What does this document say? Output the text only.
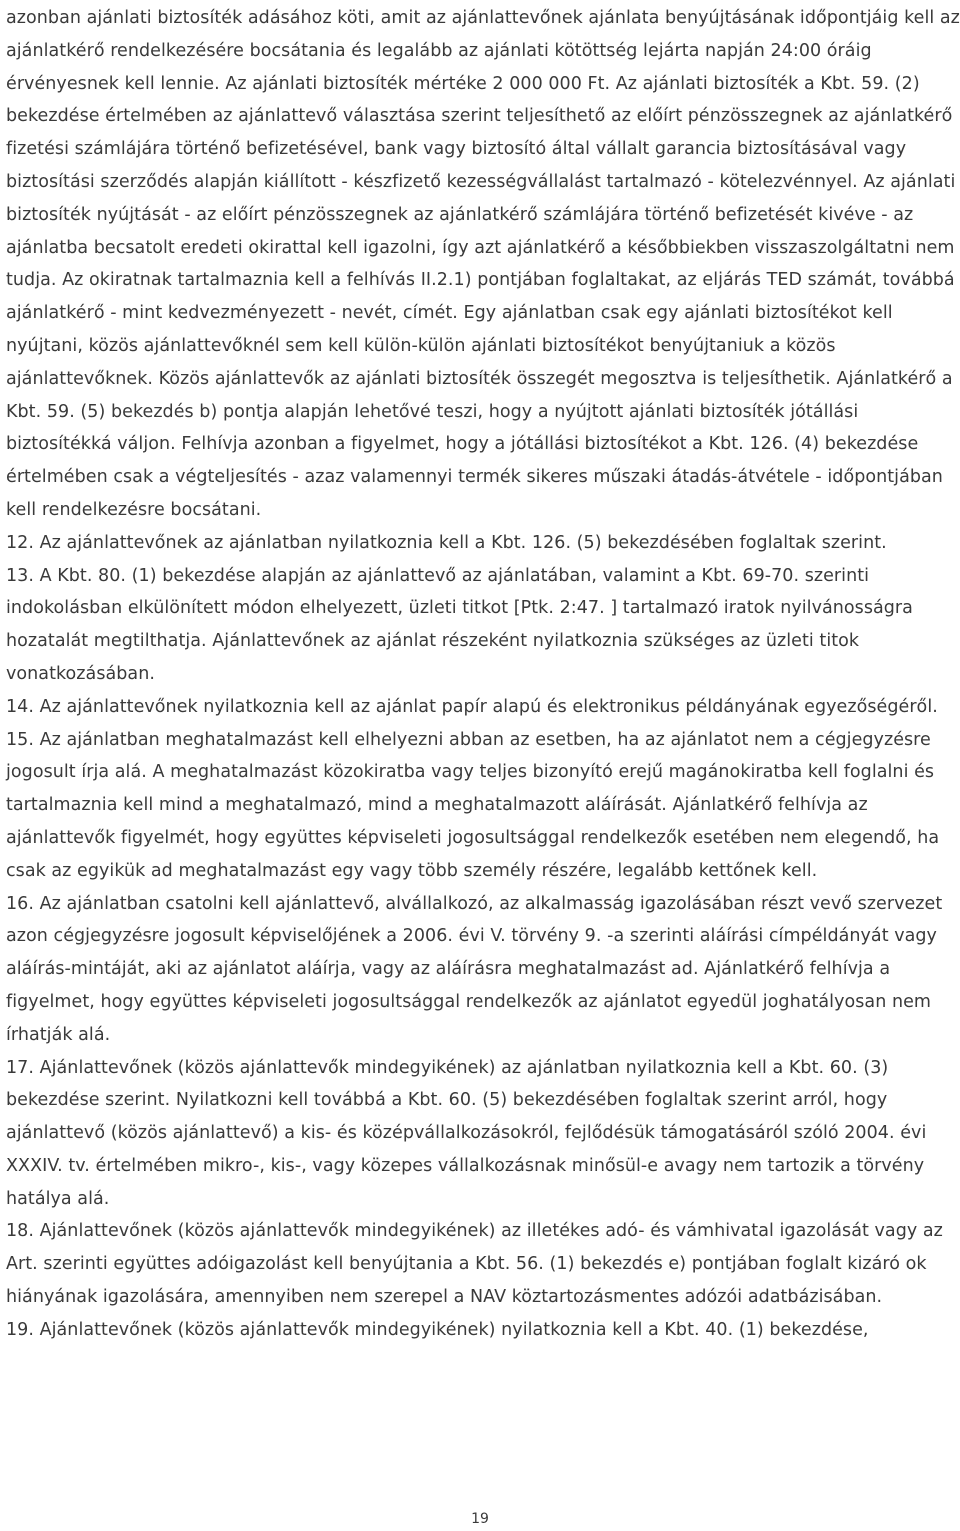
azonban ajánlati biztosíték adásához köti, amit az ajánlattevőnek ajánlata benyújtásának időpontjáig kell az ajánlatkérő rendelkezésére bocsátania és legalább az ajánlati kötöttség lejárta napján 24:00 óráig érvényesnek kell lennie. Az ajánlati biztosíték mértéke 2 000 000 Ft. Az ajánlati biztosíték a Kbt. 59. (2) bekezdése értelmében az ajánlattevő választása szerint teljesíthető az előírt pénzösszegnek az ajánlatkérő fizetési számlájára történő befizetésével, bank vagy biztosító által vállalt garancia biztosításával vagy biztosítási szerződés alapján kiállított - készfizető kezességvállalást tartalmazó - kötelezvénnyel. Az ajánlati biztosíték nyújtását - az előírt pénzösszegnek az ajánlatkérő számlájára történő befizetését kivéve - az ajánlatba becsatolt eredeti okirattal kell igazolni, így azt ajánlatkérő a későbbiekben visszaszolgáltatni nem tudja. Az okiratnak tartalmaznia kell a felhívás II.2.1) pontjában foglaltakat, az eljárás TED számát, továbbá ajánlatkérő - mint kedvezményezett - nevét, címét. Egy ajánlatban csak egy ajánlati biztosítékot kell nyújtani, közös ajánlattevőknél sem kell külön-külön ajánlati biztosítékot benyújtaniuk a közös ajánlattevőknek. Közös ajánlattevők az ajánlati biztosíték összegét megosztva is teljesíthetik. Ajánlatkérő a Kbt. 59. (5) bekezdés b) pontja alapján lehetővé teszi, hogy a nyújtott ajánlati biztosíték jótállási biztosítékká váljon. Felhívja azonban a figyelmet, hogy a jótállási biztosítékot a Kbt. 126. (4) bekezdése értelmében csak a végteljesítés - azaz valamennyi termék sikeres műszaki átadás-átvétele - időpontjában kell rendelkezésre bocsátani.

12. Az ajánlattevőnek az ajánlatban nyilatkoznia kell a Kbt. 126. (5) bekezdésében foglaltak szerint.

13. A Kbt. 80. (1) bekezdése alapján az ajánlattevő az ajánlatában, valamint a Kbt. 69-70. szerinti indokolásban elkülönített módon elhelyezett, üzleti titkot [Ptk. 2:47. ] tartalmazó iratok nyilvánosságra hozatalát megtilthatja. Ajánlattevőnek az ajánlat részeként nyilatkoznia szükséges az üzleti titok vonatkozásában.

14. Az ajánlattevőnek nyilatkoznia kell az ajánlat papír alapú és elektronikus példányának egyezőségéről.

15. Az ajánlatban meghatalmazást kell elhelyezni abban az esetben, ha az ajánlatot nem a cégjegyzésre jogosult írja alá. A meghatalmazást közokiratba vagy teljes bizonyító erejű magánokiratba kell foglalni és tartalmaznia kell mind a meghatalmazó, mind a meghatalmazott aláírását. Ajánlatkérő felhívja az ajánlattevők figyelmét, hogy együttes képviseleti jogosultsággal rendelkezők esetében nem elegendő, ha csak az egyikük ad meghatalmazást egy vagy több személy részére, legalább kettőnek kell.

16. Az ajánlatban csatolni kell ajánlattevő, alvállalkozó, az alkalmasság igazolásában részt vevő szervezet azon cégjegyzésre jogosult képviselőjének a 2006. évi V. törvény 9. -a szerinti aláírási címpéldányát vagy aláírás-mintáját, aki az ajánlatot aláírja, vagy az aláírásra meghatalmazást ad. Ajánlatkérő felhívja a figyelmet, hogy együttes képviseleti jogosultsággal rendelkezők az ajánlatot egyedül joghatályosan nem írhatják alá.

17. Ajánlattevőnek (közös ajánlattevők mindegyikének) az ajánlatban nyilatkoznia kell a Kbt. 60. (3) bekezdése szerint. Nyilatkozni kell továbbá a Kbt. 60. (5) bekezdésében foglaltak szerint arról, hogy ajánlattevő (közös ajánlattevő) a kis- és középvállalkozásokról, fejlődésük támogatásáról szóló 2004. évi XXXIV. tv. értelmében mikro-, kis-, vagy közepes vállalkozásnak minősül-e avagy nem tartozik a törvény hatálya alá.

18. Ajánlattevőnek (közös ajánlattevők mindegyikének) az illetékes adó- és vámhivatal igazolását vagy az Art. szerinti együttes adóigazolást kell benyújtania a Kbt. 56. (1) bekezdés e) pontjában foglalt kizáró ok hiányának igazolására, amennyiben nem szerepel a NAV köztartozásmentes adózói adatbázisában.

19. Ajánlattevőnek (közös ajánlattevők mindegyikének) nyilatkoznia kell a Kbt. 40. (1) bekezdése,

19
